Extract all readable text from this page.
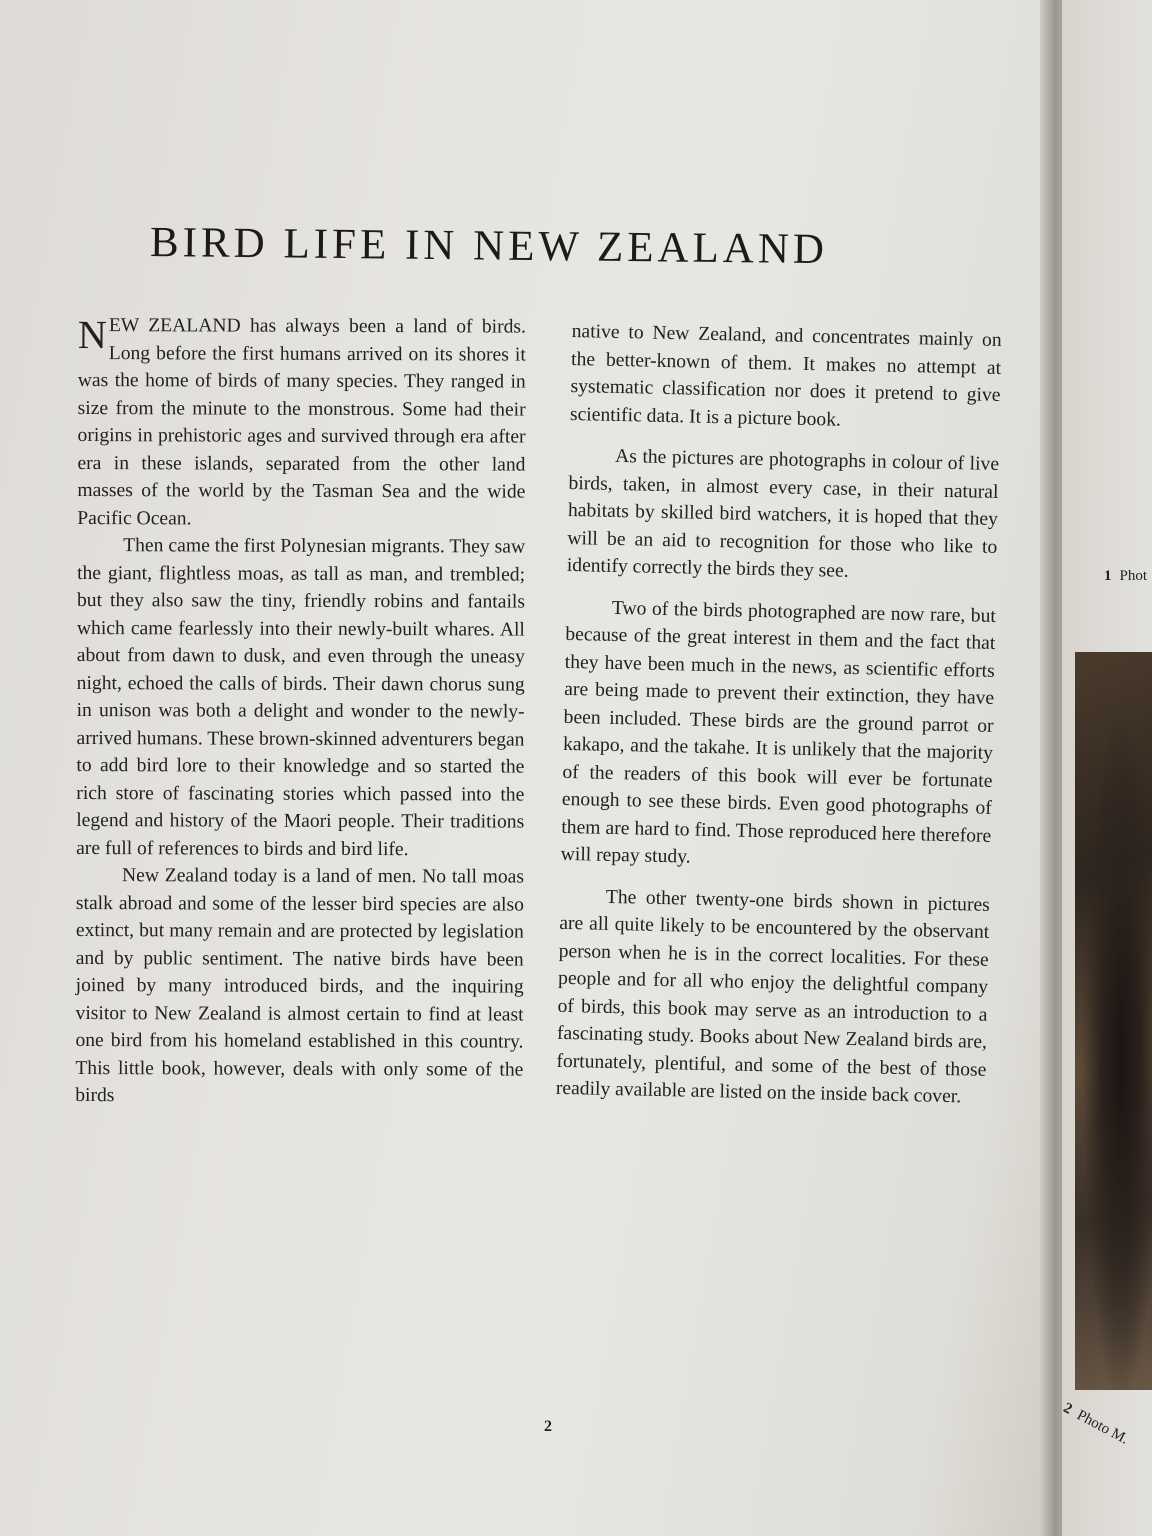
BIRD LIFE IN NEW ZEALAND

NEW ZEALAND has always been a land of birds. Long before the first humans arrived on its shores it was the home of birds of many species. They ranged in size from the minute to the monstrous. Some had their origins in prehistoric ages and survived through era after era in these islands, separated from the other land masses of the world by the Tasman Sea and the wide Pacific Ocean.

Then came the first Polynesian migrants. They saw the giant, flightless moas, as tall as man, and trembled; but they also saw the tiny, friendly robins and fantails which came fearlessly into their newly-built whares. All about from dawn to dusk, and even through the uneasy night, echoed the calls of birds. Their dawn chorus sung in unison was both a delight and wonder to the newly-arrived humans. These brown-skinned adventurers began to add bird lore to their knowledge and so started the rich store of fascinating stories which passed into the legend and history of the Maori people. Their traditions are full of references to birds and bird life.

New Zealand today is a land of men. No tall moas stalk abroad and some of the lesser bird species are also extinct, but many remain and are protected by legislation and by public sentiment. The native birds have been joined by many introduced birds, and the inquiring visitor to New Zealand is almost certain to find at least one bird from his homeland established in this country. This little book, however, deals with only some of the birds

native to New Zealand, and concentrates mainly on the better-known of them. It makes no attempt at systematic classification nor does it pretend to give scientific data. It is a picture book.

As the pictures are photographs in colour of live birds, taken, in almost every case, in their natural habitats by skilled bird watchers, it is hoped that they will be an aid to recognition for those who like to identify correctly the birds they see.

Two of the birds photographed are now rare, but because of the great interest in them and the fact that they have been much in the news, as scientific efforts are being made to prevent their extinction, they have been included. These birds are the ground parrot or kakapo, and the takahe. It is unlikely that the majority of the readers of this book will ever be fortunate enough to see these birds. Even good photographs of them are hard to find. Those reproduced here therefore will repay study.

The other twenty-one birds shown in pictures are all quite likely to be encountered by the observant person when he is in the correct localities. For these people and for all who enjoy the delightful company of birds, this book may serve as an introduction to a fascinating study. Books about New Zealand birds are, fortunately, plentiful, and some of the best of those readily available are listed on the inside back cover.

2
1 Phot
2Photo M.
